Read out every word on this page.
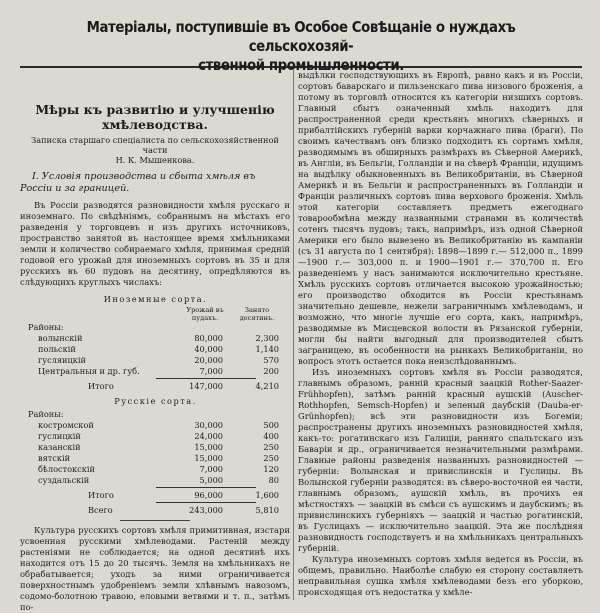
Матеріалы, поступившіе въ Особое Совѣщаніе о нуждахъ сельскохозяй-
ственной промышленности.
Мѣры къ развитію и улучшенію хмѣлеводства.
Записка старшаго спеціалиста по сельскохозяйственной части
Н. К. Мышенкова.
I. Условія производства и сбыта хмѣля въ Россіи и за границей.

Въ Россіи разводятся разновидности хмѣля русскаго и иноземнаго. По свѣдѣніямъ, собраннымъ на мѣстахъ его разведенія у торговцевъ и изъ другихъ источниковъ, пространство занятой въ настоящее время хмѣльниками земли и количество собираемаго хмѣля, принимая средній годовой его урожай для иноземныхъ сортовъ въ 35 и для русскихъ въ 60 пудовъ на десятину, опредѣляются въ слѣдующихъ круглыхъ числахъ:

Иноземные сорта.
Урожай въ
пудахъ.
Занято
десятинъ.
Районы:
волынскій	80,000	2,300
польскій	40,000	1,140
гусляицкій	20,000	570
Центральныя и др. губ.	7,000	200
Итого	147,000	4,210
Русскіе сорта.
Районы:
костромской	30,000	500
гуслицкій	24,000	400
казанскій	15,000	250
вятскій	15,000	250
бѣлостокскій	7,000	120
суздальскій	5,000	80
Итого	96,000	1,600
Всего	243,000	5,810

Культура русскихъ сортовъ хмѣля примитивная, изстари усвоенная русскими хмѣлеводами. Растеній между растеніями не соблюдается; на одной десятинѣ ихъ находится отъ 15 до 20 тысячъ. Земля на хмѣльникахъ не обрабатывается; уходъ за ними ограничивается поверхностнымъ удобреніемъ земли хлѣвнымъ навозомъ, содомо-болотною травою, еловыми ветвями и т. п., затѣмъ по-

выдѣлки господствующихъ въ Европѣ, равно какъ и въ Россіи, сортовъ баварскаго и пильзенскаго пива низового броженія, а потому въ торговлѣ относится къ категоріи низшихъ сортовъ. Главный сбытъ означенный хмѣль находитъ для распространенной среди крестьянъ многихъ сѣверныхъ и прибалтійскихъ губерній варки корчажнаго пива (браги). По своимъ качествамъ онъ близко подходитъ къ сортамъ хмѣля, разводимымъ въ обширныхъ размѣрахъ въ Сѣверной Америкѣ, въ Англіи, въ Бельгіи, Голландіи и на сѣверѣ Франціи, идущимъ на выдѣлку обыкновенныхъ въ Великобританіи, въ Сѣверной Америкѣ и въ Бельгіи и распространенныхъ въ Голландіи и Франціи различныхъ сортовъ пива верхового броженія. Хмѣль этой категоріи составляетъ предметъ ежегоднаго товарообмѣна между названными странами въ количествѣ сотенъ тысячъ пудовъ; такъ, напримѣръ, изъ одной Сѣверной Америки его было вывезено въ Великобританію въ кампаніи (съ 31 августа по 1 сентября): 1898—1899 г.— 512,000 п., 1899—1900 г.— 303,000 п. и 1900—1901 г.— 370,700 п. Его разведеніемъ у насъ занимаются исключительно крестьяне. Хмѣль русскихъ сортовъ отличается высокою урожайностью; его производство обходится въ Россіи крестьянамъ значительно дешевле, нежели заграничнымъ хмѣлеводамъ, и возможно, что многіе лучшіе его сорта, какъ, напримѣръ, разводимые въ Мисцевской волости въ Рязанской губерніи, могли бы найти выгодный для производителей сбытъ заграницею, въ особенности на рынкахъ Великобританіи, но вопросъ этотъ остается пока неизслѣдованнымъ.

Изъ иноземныхъ сортовъ хмѣля въ Россіи разводятся, главнымъ образомъ, ранній красный заацкій Rother-Saazer-Frühhopfen), затѣмъ ранній красный аушскій (Auscher-Rothhopfen, Semsch-Hopfen) и зеленый даубскій (Dauba-er-Grünhopfen); всѣ эти разновидности изъ Богеміи; распространены другихъ иноземныхъ разновидностей хмѣля, какъ-то: рогатинскаго изъ Галиціи, ранняго спальтскаго изъ Баваріи и др., ограничивается незначительными размѣрами. Главные районы разведенія названныхъ разновидностей — губерніи: Волынская и привислинскія и Гуслицы. Въ Волынской губерніи разводятся: въ сѣверо-восточной ея части, главнымъ образомъ, аушскій хмѣль, въ прочихъ ея мѣстностяхъ — заацкій въ смѣси съ аушскимъ и даубскимъ; въ привислинскихъ губерніяхъ — заацкій и частью рогатинскій, въ Гуслицахъ — исключительно заацкій. Эта же послѣдняя разновидность господствуетъ и на хмѣльникахъ центральныхъ губерній.

Культура иноземныхъ сортовъ хмѣля ведется въ Россіи, въ общемъ, правильно. Наиболѣе слабую ея сторону составляетъ неправильная сушка хмѣля хмѣлеводами безъ его уборкою, происходящая отъ недостатка у хмѣле-
